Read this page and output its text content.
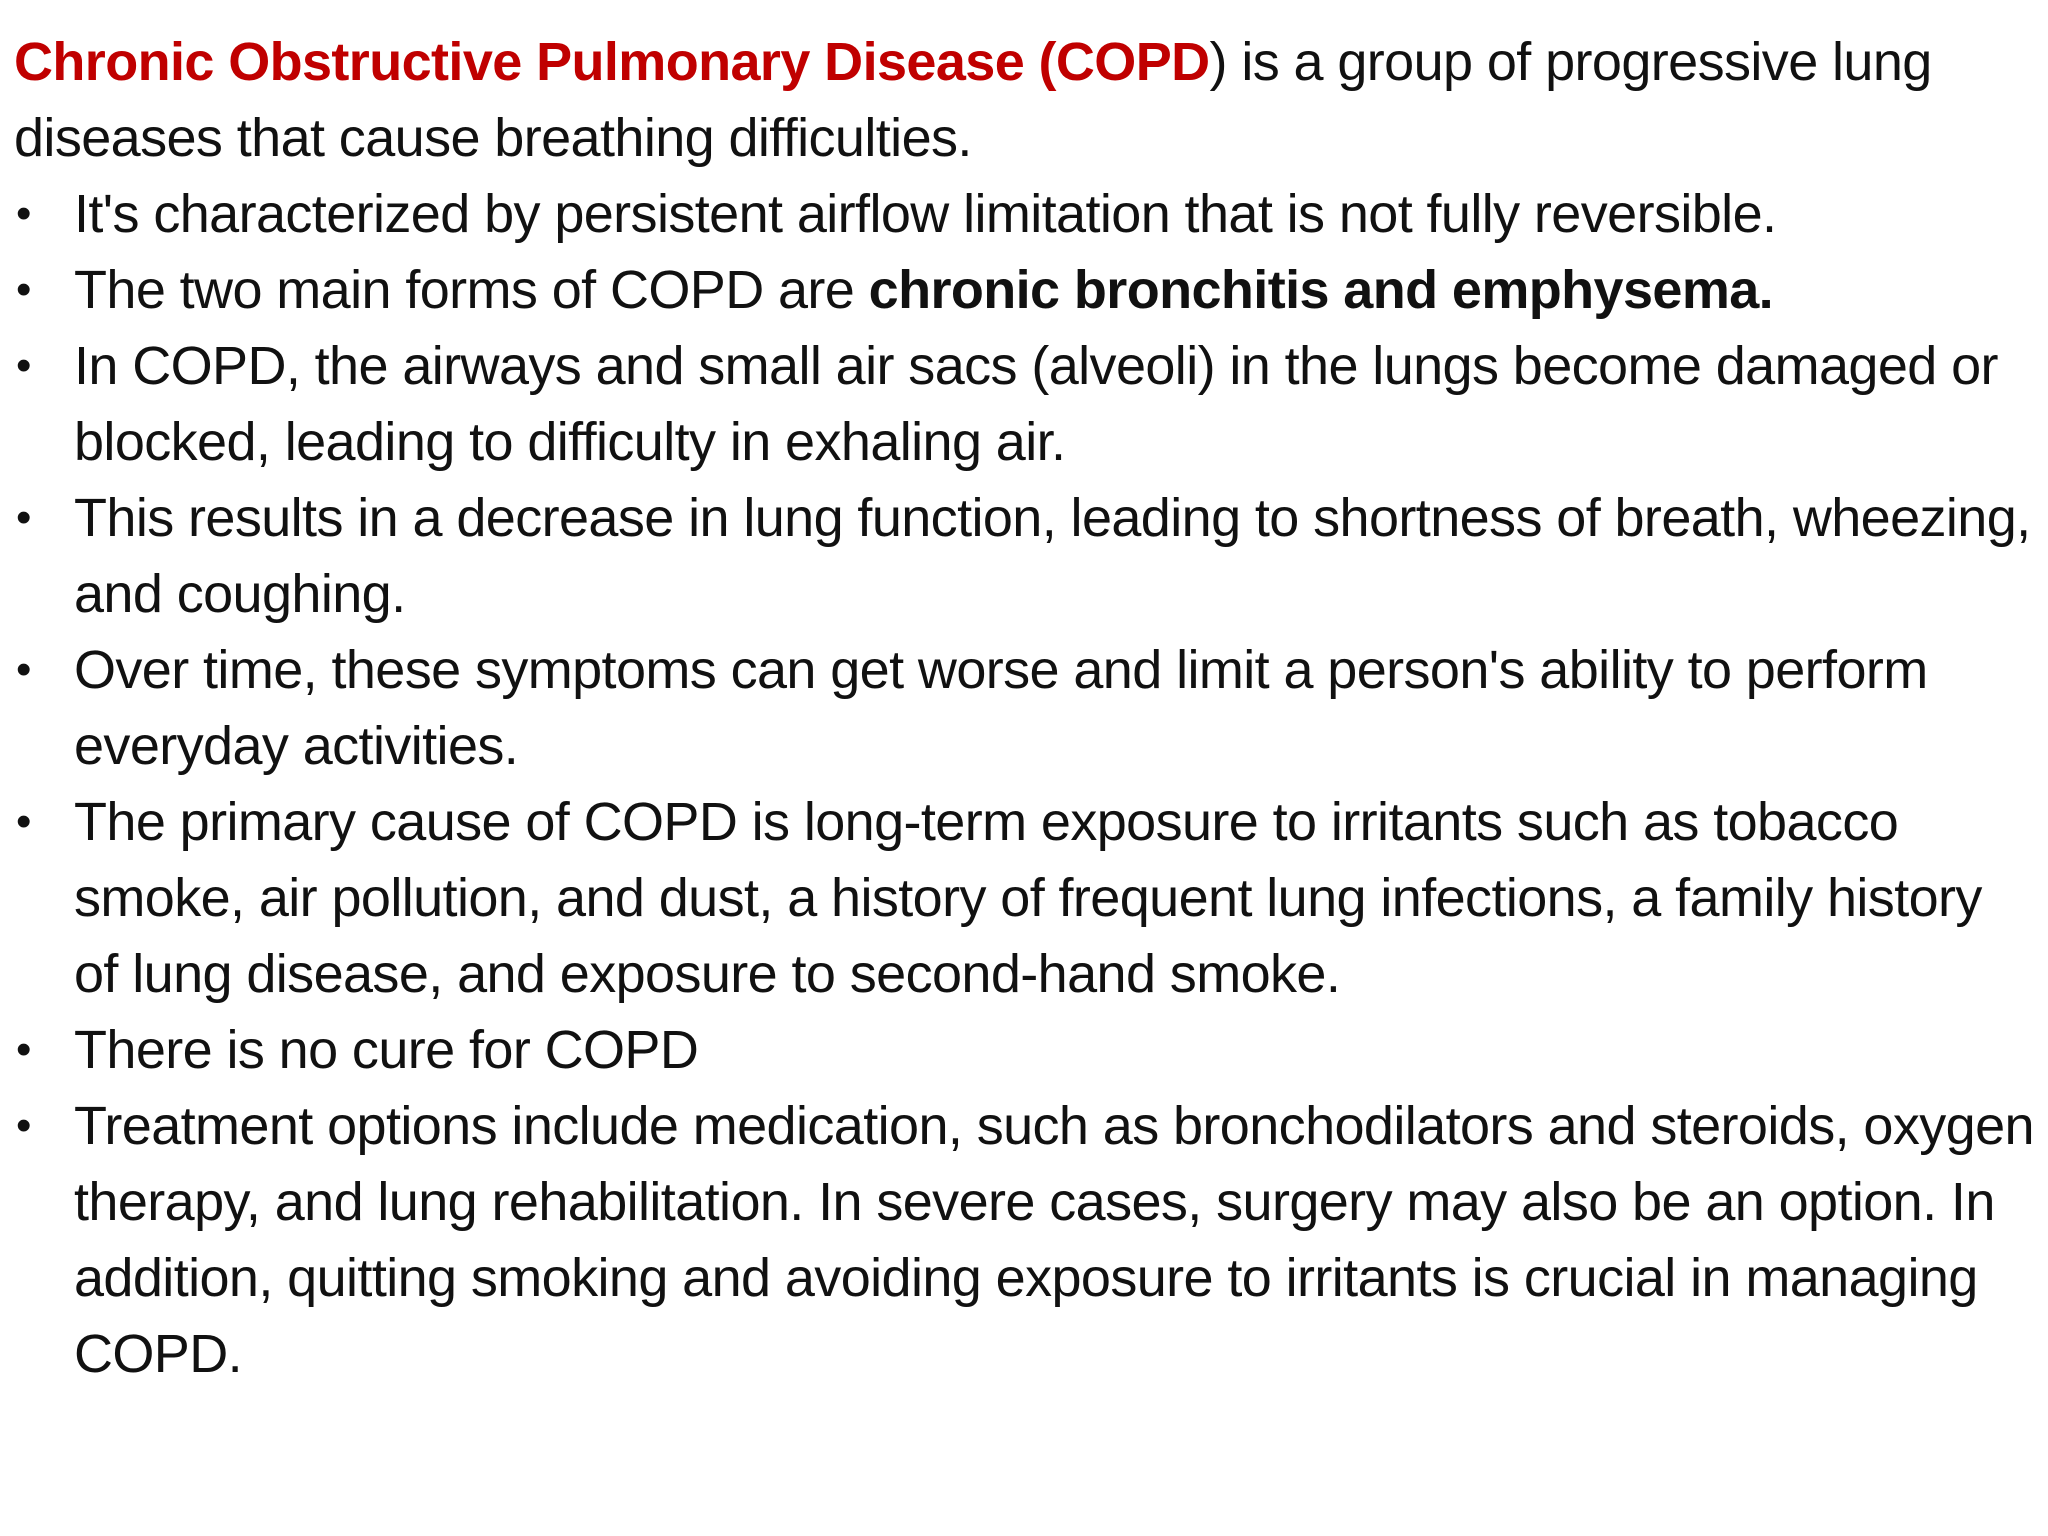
Chronic Obstructive Pulmonary Disease (COPD) is a group of progressive lung diseases that cause breathing difficulties.

• It's characterized by persistent airflow limitation that is not fully reversible.
• The two main forms of COPD are chronic bronchitis and emphysema.
• In COPD, the airways and small air sacs (alveoli) in the lungs become damaged or blocked, leading to difficulty in exhaling air.
• This results in a decrease in lung function, leading to shortness of breath, wheezing, and coughing.
• Over time, these symptoms can get worse and limit a person's ability to perform everyday activities.
• The primary cause of COPD is long-term exposure to irritants such as tobacco smoke, air pollution, and dust, a history of frequent lung infections, a family history of lung disease, and exposure to second-hand smoke.
• There is no cure for COPD
• Treatment options include medication, such as bronchodilators and steroids, oxygen therapy, and lung rehabilitation. In severe cases, surgery may also be an option. In addition, quitting smoking and avoiding exposure to irritants is crucial in managing COPD.
